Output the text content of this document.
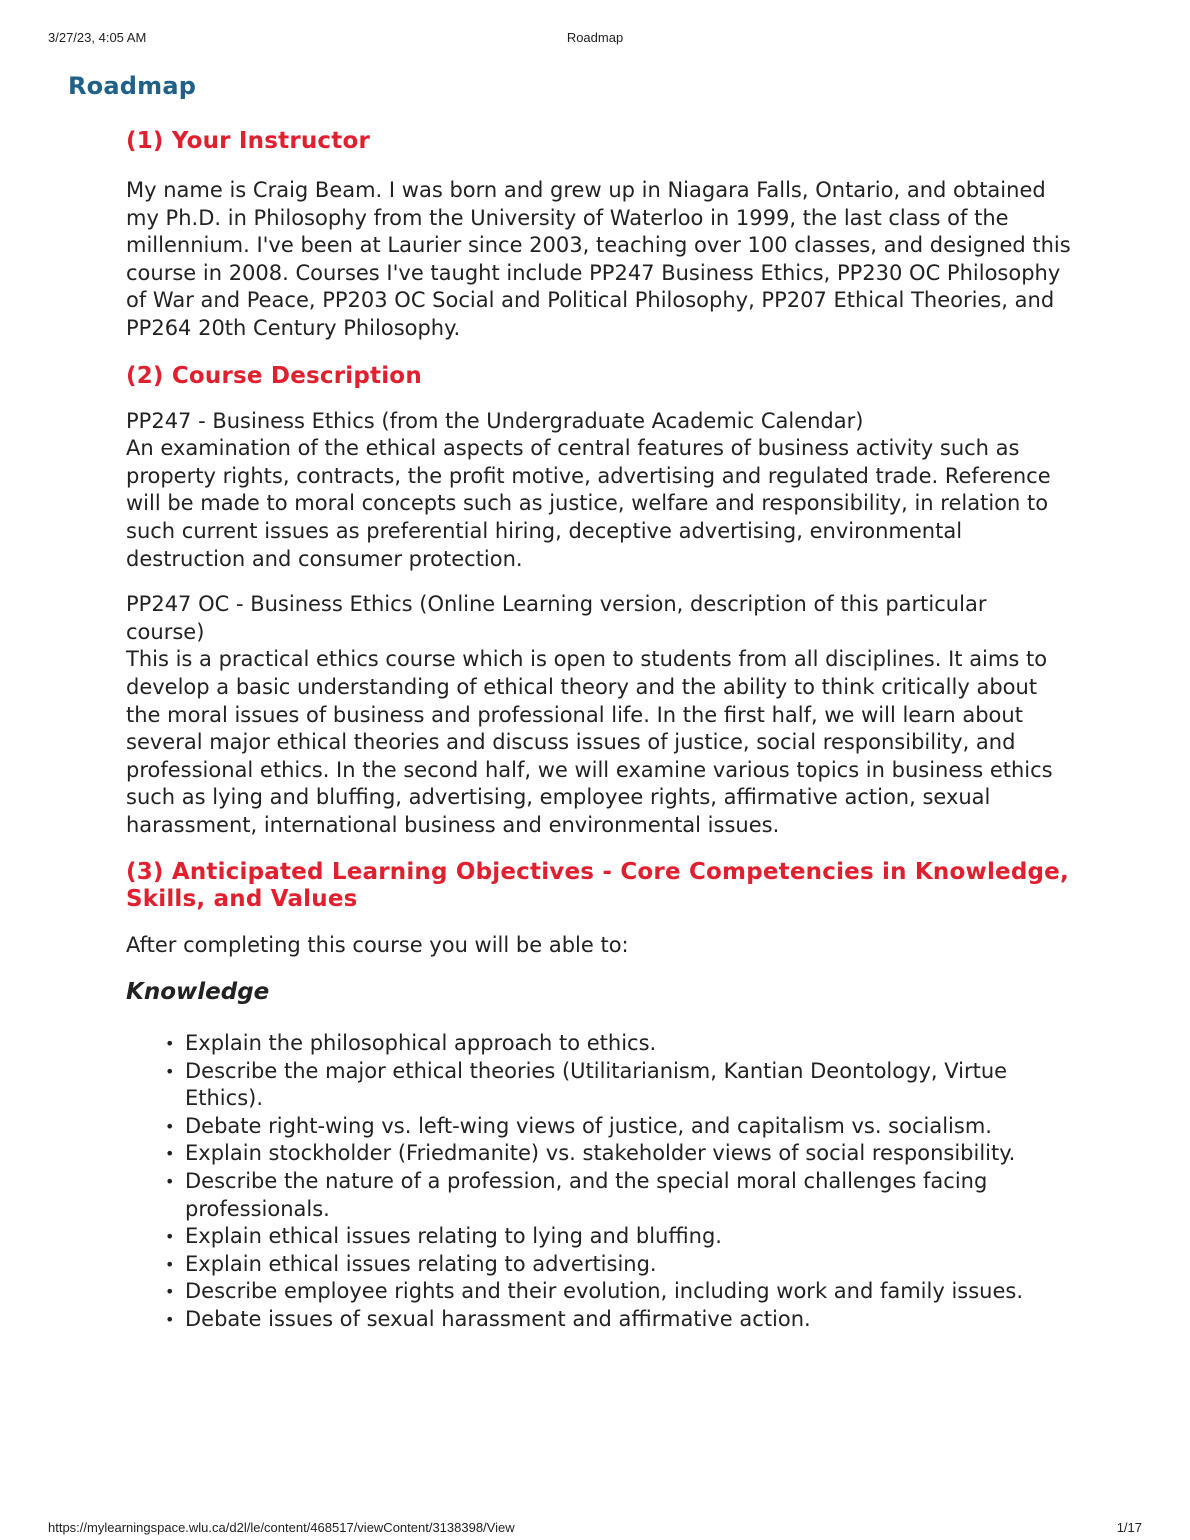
3/27/23, 4:05 AM	Roadmap
Roadmap
(1) Your Instructor

My name is Craig Beam. I was born and grew up in Niagara Falls, Ontario, and obtained my Ph.D. in Philosophy from the University of Waterloo in 1999, the last class of the millennium. I've been at Laurier since 2003, teaching over 100 classes, and designed this course in 2008. Courses I've taught include PP247 Business Ethics, PP230 OC Philosophy of War and Peace, PP203 OC Social and Political Philosophy, PP207 Ethical Theories, and PP264 20th Century Philosophy.

(2) Course Description

PP247 - Business Ethics (from the Undergraduate Academic Calendar)
An examination of the ethical aspects of central features of business activity such as property rights, contracts, the profit motive, advertising and regulated trade. Reference will be made to moral concepts such as justice, welfare and responsibility, in relation to such current issues as preferential hiring, deceptive advertising, environmental destruction and consumer protection.

PP247 OC - Business Ethics (Online Learning version, description of this particular course)
This is a practical ethics course which is open to students from all disciplines. It aims to develop a basic understanding of ethical theory and the ability to think critically about the moral issues of business and professional life. In the first half, we will learn about several major ethical theories and discuss issues of justice, social responsibility, and professional ethics. In the second half, we will examine various topics in business ethics such as lying and bluffing, advertising, employee rights, affirmative action, sexual harassment, international business and environmental issues.

(3) Anticipated Learning Objectives - Core Competencies in Knowledge, Skills, and Values

After completing this course you will be able to:

Knowledge
• Explain the philosophical approach to ethics.
• Describe the major ethical theories (Utilitarianism, Kantian Deontology, Virtue Ethics).
• Debate right-wing vs. left-wing views of justice, and capitalism vs. socialism.
• Explain stockholder (Friedmanite) vs. stakeholder views of social responsibility.
• Describe the nature of a profession, and the special moral challenges facing professionals.
• Explain ethical issues relating to lying and bluffing.
• Explain ethical issues relating to advertising.
• Describe employee rights and their evolution, including work and family issues.
• Debate issues of sexual harassment and affirmative action.
https://mylearningspace.wlu.ca/d2l/le/content/468517/viewContent/3138398/View	1/17
